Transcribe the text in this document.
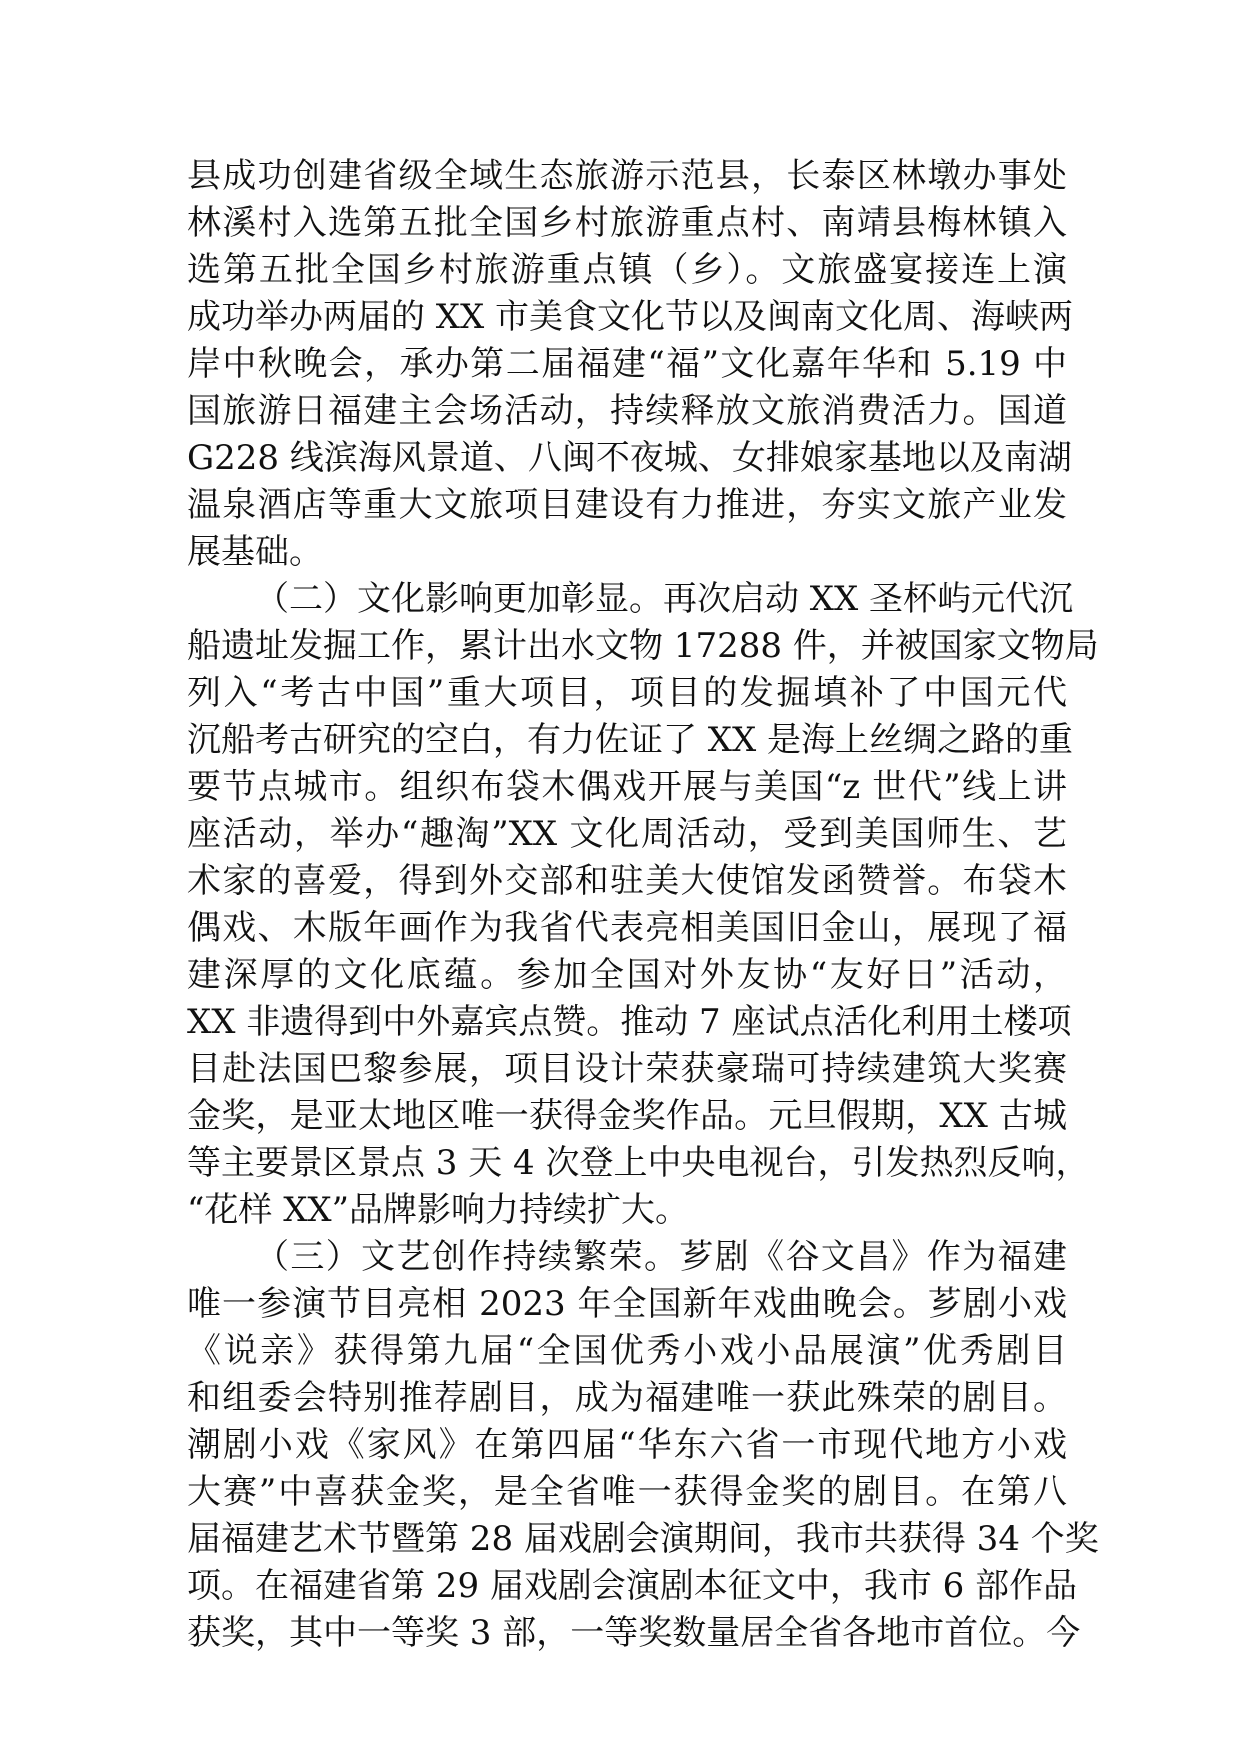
县成功创建省级全域生态旅游示范县，长泰区林墩办事处
林溪村入选第五批全国乡村旅游重点村、南靖县梅林镇入
选第五批全国乡村旅游重点镇（乡）。文旅盛宴接连上演
成功举办两届的 XX 市美食文化节以及闽南文化周、海峡两
岸中秋晚会，承办第二届福建“福”文化嘉年华和 5.19 中
国旅游日福建主会场活动，持续释放文旅消费活力。国道
G228 线滨海风景道、八闽不夜城、女排娘家基地以及南湖
温泉酒店等重大文旅项目建设有力推进，夯实文旅产业发
展基础。
（二）文化影响更加彰显。再次启动 XX 圣杯屿元代沉
船遗址发掘工作，累计出水文物 17288 件，并被国家文物局
列入“考古中国”重大项目，项目的发掘填补了中国元代
沉船考古研究的空白，有力佐证了 XX 是海上丝绸之路的重
要节点城市。组织布袋木偶戏开展与美国“z 世代”线上讲
座活动，举办“趣淘”XX 文化周活动，受到美国师生、艺
术家的喜爱，得到外交部和驻美大使馆发函赞誉。布袋木
偶戏、木版年画作为我省代表亮相美国旧金山，展现了福
建深厚的文化底蕴。参加全国对外友协“友好日”活动，
XX 非遗得到中外嘉宾点赞。推动 7 座试点活化利用土楼项
目赴法国巴黎参展，项目设计荣获豪瑞可持续建筑大奖赛
金奖，是亚太地区唯一获得金奖作品。元旦假期，XX 古城
等主要景区景点 3 天 4 次登上中央电视台，引发热烈反响，
“花样 XX”品牌影响力持续扩大。
（三）文艺创作持续繁荣。芗剧《谷文昌》作为福建
唯一参演节目亮相 2023 年全国新年戏曲晚会。芗剧小戏
《说亲》获得第九届“全国优秀小戏小品展演”优秀剧目
和组委会特别推荐剧目，成为福建唯一获此殊荣的剧目。
潮剧小戏《家风》在第四届“华东六省一市现代地方小戏
大赛”中喜获金奖，是全省唯一获得金奖的剧目。在第八
届福建艺术节暨第 28 届戏剧会演期间，我市共获得 34 个奖
项。在福建省第 29 届戏剧会演剧本征文中，我市 6 部作品
获奖，其中一等奖 3 部，一等奖数量居全省各地市首位。今
